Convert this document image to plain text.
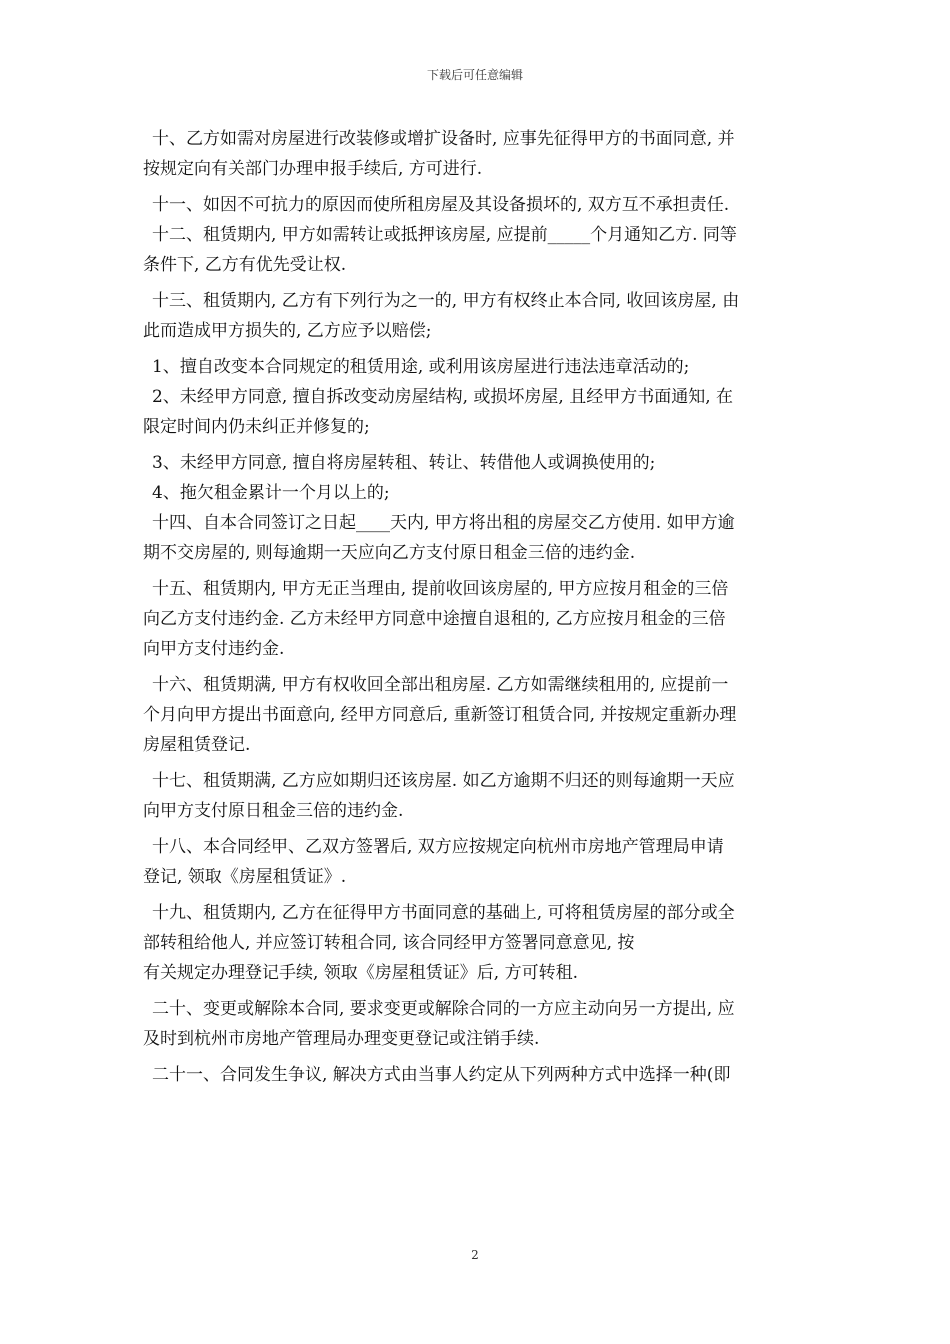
下载后可任意编辑
十、乙方如需对房屋进行改装修或增扩设备时, 应事先征得甲方的书面同意, 并
按规定向有关部门办理申报手续后, 方可进行.
十一、如因不可抗力的原因而使所租房屋及其设备损坏的, 双方互不承担责任.
十二、租赁期内, 甲方如需转让或抵押该房屋, 应提前_____个月通知乙方. 同等
条件下, 乙方有优先受让权.
十三、租赁期内, 乙方有下列行为之一的, 甲方有权终止本合同, 收回该房屋, 由
此而造成甲方损失的, 乙方应予以赔偿;
1、擅自改变本合同规定的租赁用途, 或利用该房屋进行违法违章活动的;
2、未经甲方同意, 擅自拆改变动房屋结构, 或损坏房屋, 且经甲方书面通知, 在
限定时间内仍未纠正并修复的;
3、未经甲方同意, 擅自将房屋转租、转让、转借他人或调换使用的;
4、拖欠租金累计一个月以上的;
十四、自本合同签订之日起____天内, 甲方将出租的房屋交乙方使用. 如甲方逾
期不交房屋的, 则每逾期一天应向乙方支付原日租金三倍的违约金.
十五、租赁期内, 甲方无正当理由, 提前收回该房屋的, 甲方应按月租金的三倍
向乙方支付违约金. 乙方未经甲方同意中途擅自退租的, 乙方应按月租金的三倍
向甲方支付违约金.
十六、租赁期满, 甲方有权收回全部出租房屋. 乙方如需继续租用的, 应提前一
个月向甲方提出书面意向, 经甲方同意后, 重新签订租赁合同, 并按规定重新办理
房屋租赁登记.
十七、租赁期满, 乙方应如期归还该房屋. 如乙方逾期不归还的则每逾期一天应
向甲方支付原日租金三倍的违约金.
十八、本合同经甲、乙双方签署后, 双方应按规定向杭州市房地产管理局申请
登记, 领取《房屋租赁证》.
十九、租赁期内, 乙方在征得甲方书面同意的基础上, 可将租赁房屋的部分或全
部转租给他人, 并应签订转租合同, 该合同经甲方签署同意意见, 按
有关规定办理登记手续, 领取《房屋租赁证》后, 方可转租.
二十、变更或解除本合同, 要求变更或解除合同的一方应主动向另一方提出, 应
及时到杭州市房地产管理局办理变更登记或注销手续.
二十一、合同发生争议, 解决方式由当事人约定从下列两种方式中选择一种(即
2
